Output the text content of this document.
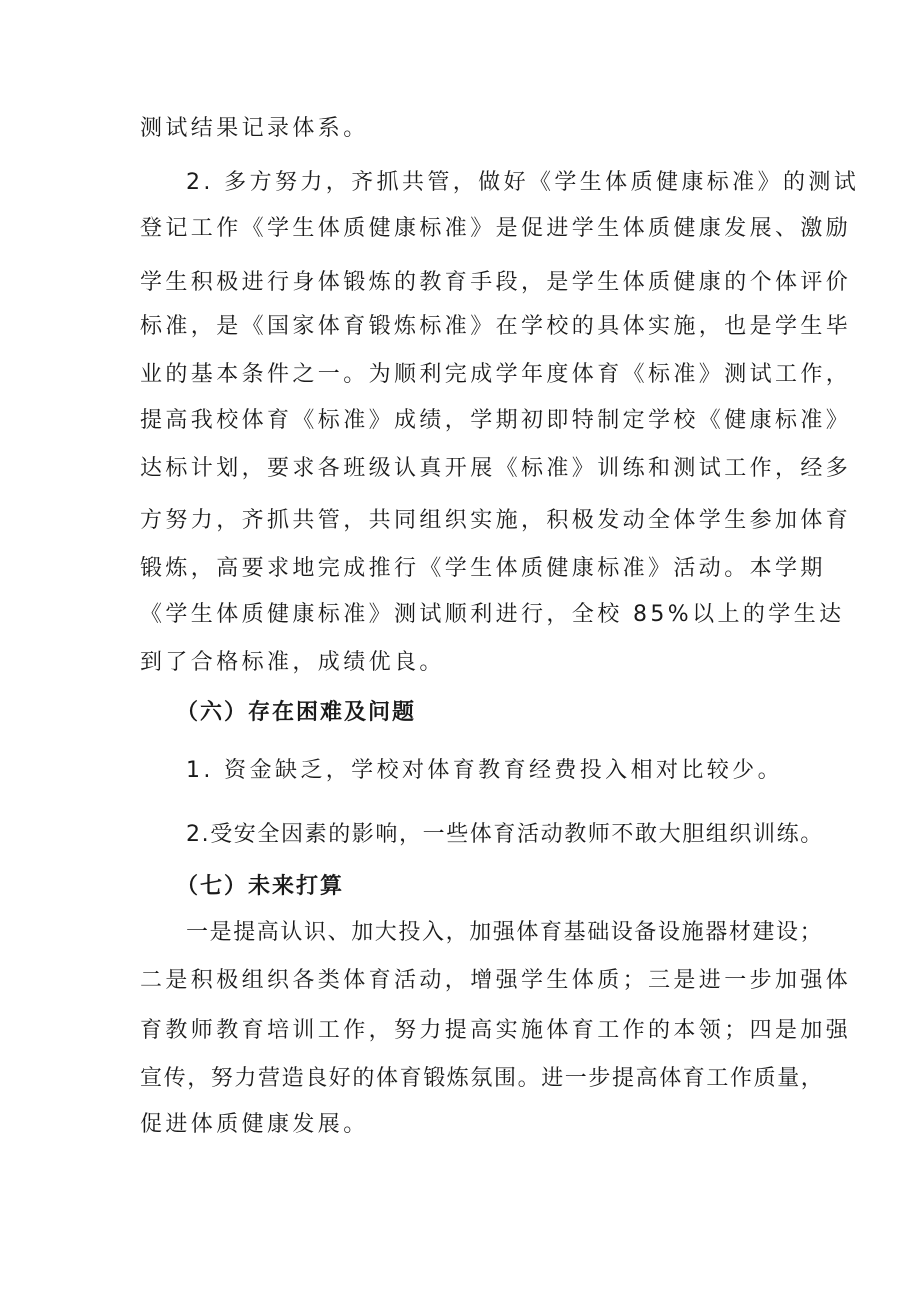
测试结果记录体系。
2. 多方努力，齐抓共管，做好《学生体质健康标准》的测试
登记工作《学生体质健康标准》是促进学生体质健康发展、激励
学生积极进行身体锻炼的教育手段，是学生体质健康的个体评价
标准，是《国家体育锻炼标准》在学校的具体实施，也是学生毕
业的基本条件之一。为顺利完成学年度体育《标准》测试工作，
提高我校体育《标准》成绩，学期初即特制定学校《健康标准》
达标计划，要求各班级认真开展《标准》训练和测试工作，经多
方努力，齐抓共管，共同组织实施，积极发动全体学生参加体育
锻炼，高要求地完成推行《学生体质健康标准》活动。本学期
《学生体质健康标准》测试顺利进行，全校 85%以上的学生达
到了合格标准，成绩优良。
（六）存在困难及问题
1. 资金缺乏，学校对体育教育经费投入相对比较少。
2.受安全因素的影响，一些体育活动教师不敢大胆组织训练。
（七）未来打算
一是提高认识、加大投入，加强体育基础设备设施器材建设；
二是积极组织各类体育活动，增强学生体质；三是进一步加强体
育教师教育培训工作，努力提高实施体育工作的本领；四是加强
宣传，努力营造良好的体育锻炼氛围。进一步提高体育工作质量，
促进体质健康发展。
